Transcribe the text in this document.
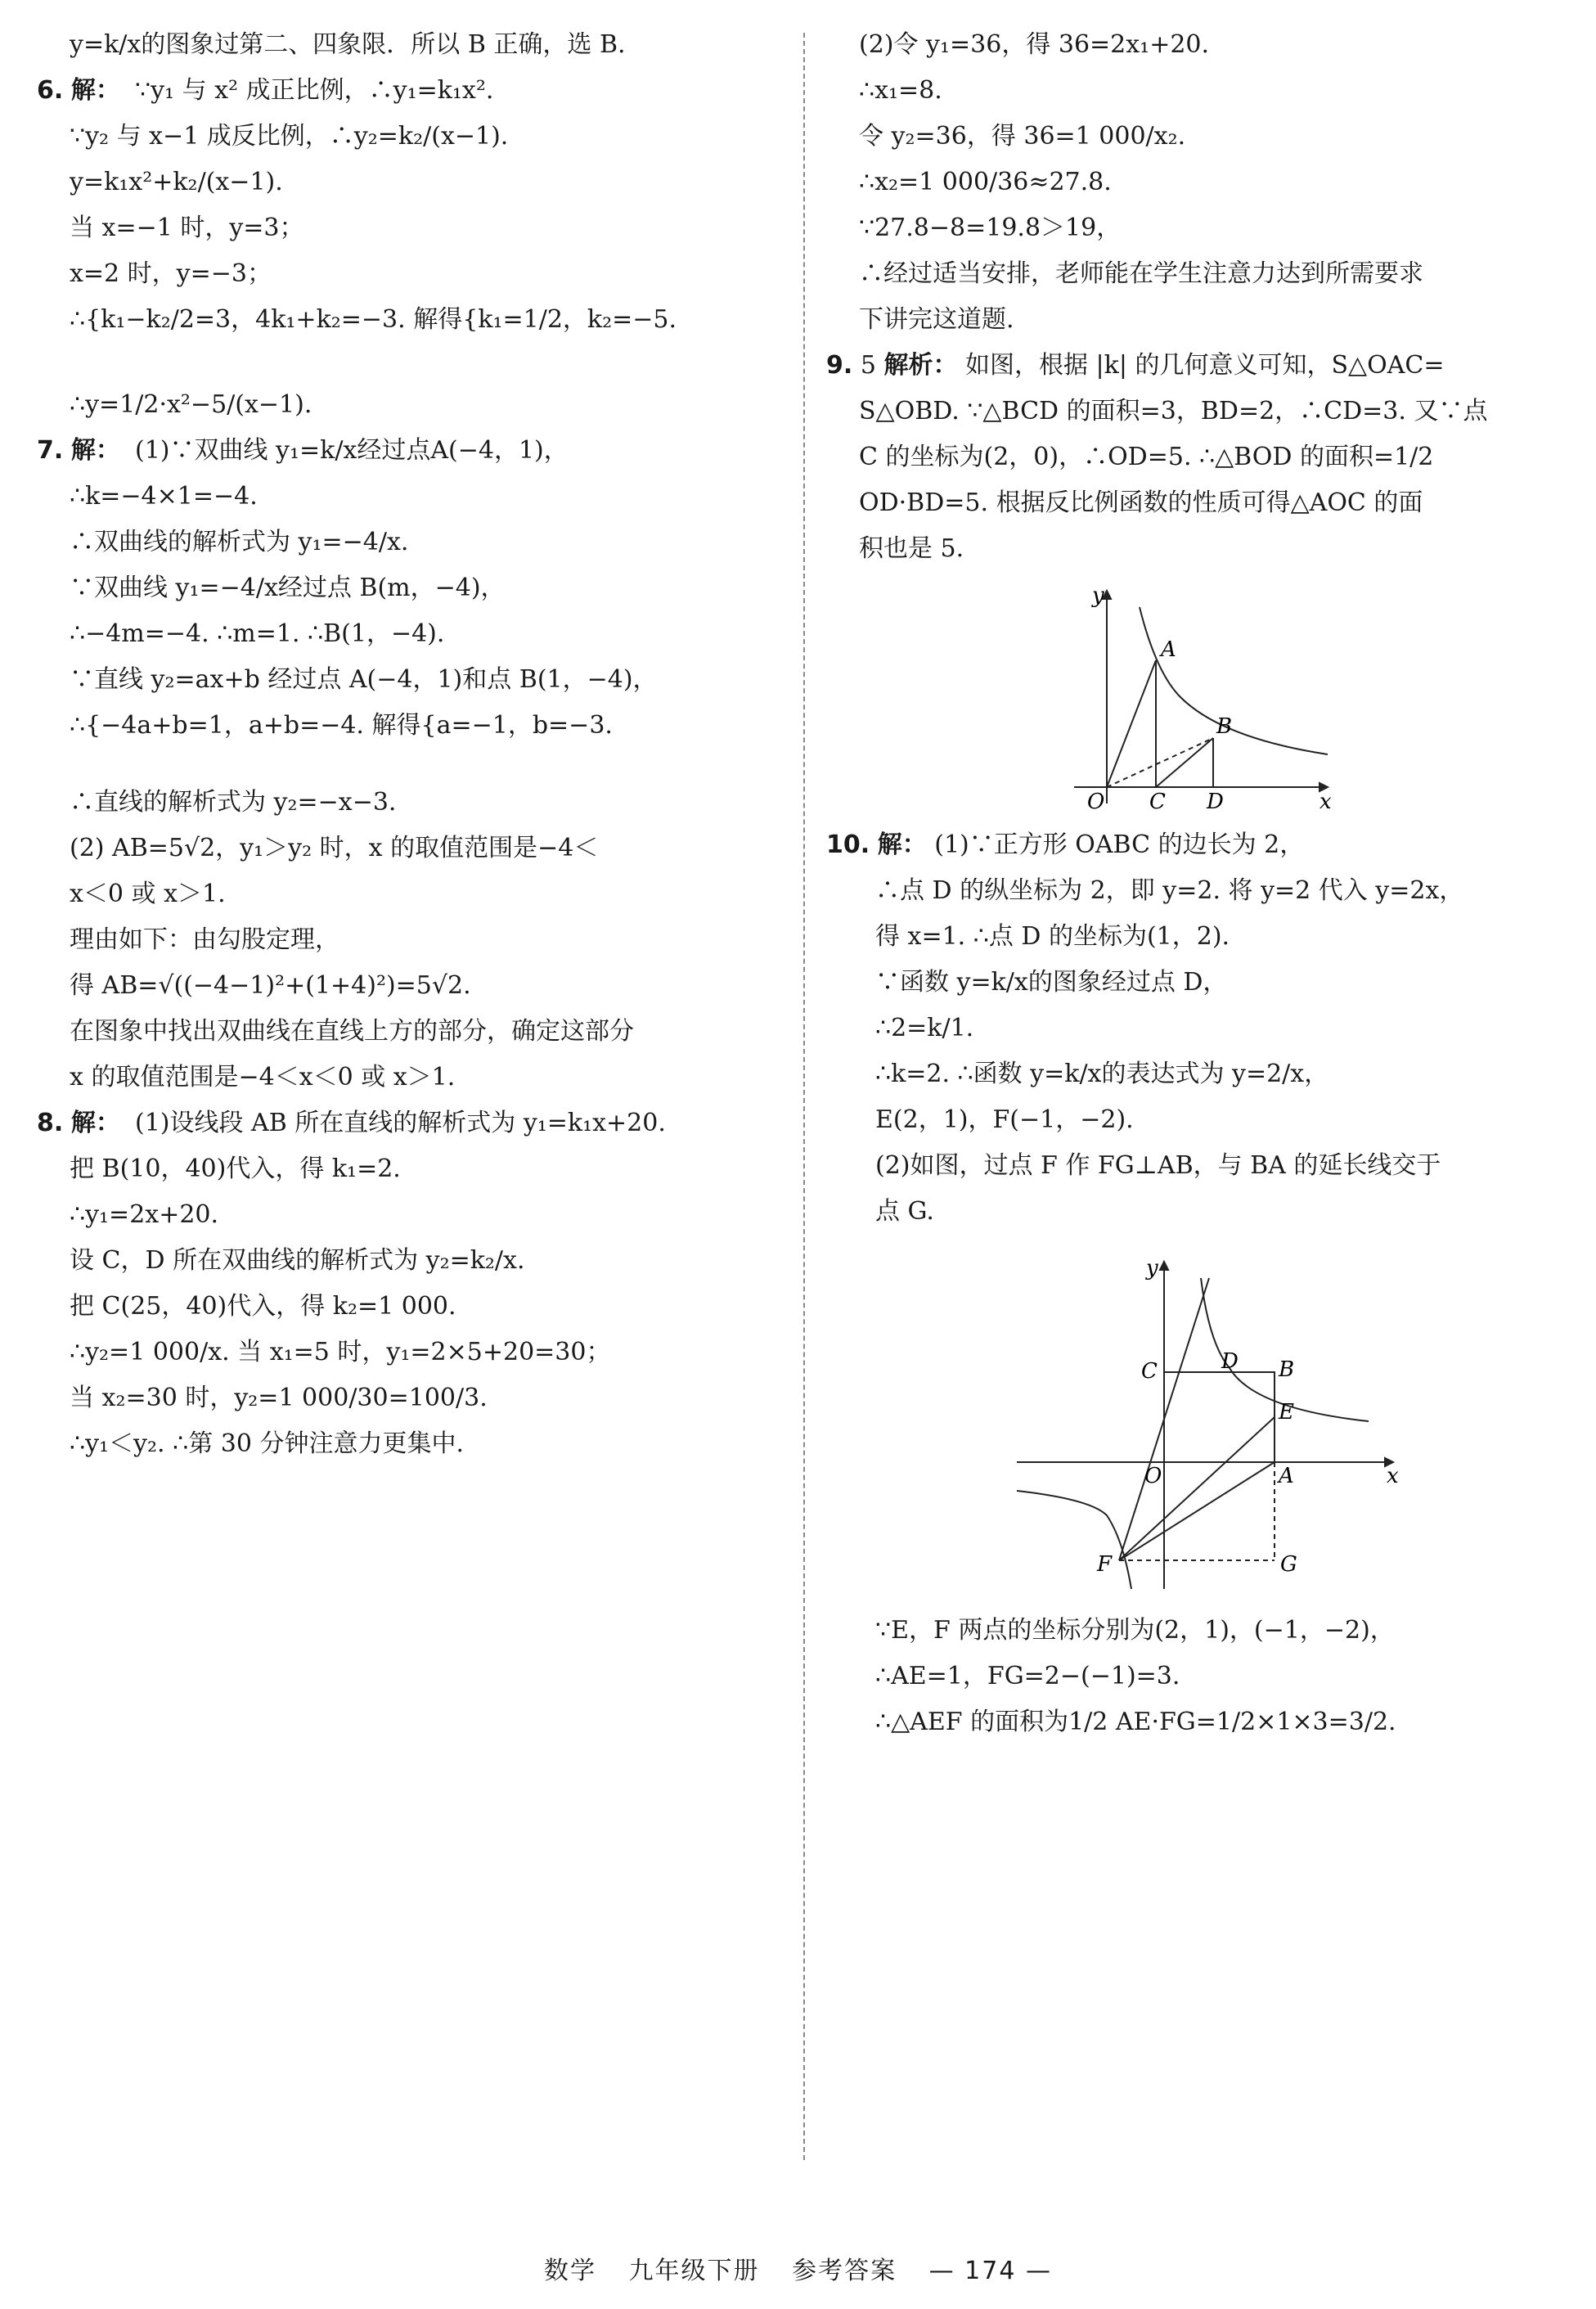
y=k/x的图象过第二、四象限．所以 B 正确，选 B.
6. 解： ∵y₁ 与 x² 成正比例，∴y₁=k₁x².
∵y₂ 与 x−1 成反比例，∴y₂=k₂/(x−1).
y=k₁x²+k₂/(x−1).
当 x=−1 时，y=3；
x=2 时，y=−3；
∴{k₁−k₂/2=3，4k₁+k₂=−3. 解得{k₁=1/2，k₂=−5.
∴y=1/2·x²−5/(x−1).
7. 解： (1)∵双曲线 y₁=k/x经过点A(−4，1)，
∴k=−4×1=−4.
∴双曲线的解析式为 y₁=−4/x.
∵双曲线 y₁=−4/x经过点 B(m，−4)，
∴−4m=−4. ∴m=1. ∴B(1，−4).
∵直线 y₂=ax+b 经过点 A(−4，1)和点 B(1，−4)，
∴{−4a+b=1，a+b=−4. 解得{a=−1，b=−3.
∴直线的解析式为 y₂=−x−3.
(2) AB=5√2，y₁＞y₂ 时，x 的取值范围是−4＜
x＜0 或 x＞1.
理由如下：由勾股定理，
得 AB=√((−4−1)²+(1+4)²)=5√2.
在图象中找出双曲线在直线上方的部分，确定这部分
x 的取值范围是−4＜x＜0 或 x＞1.
8. 解： (1)设线段 AB 所在直线的解析式为 y₁=k₁x+20.
把 B(10，40)代入，得 k₁=2.
∴y₁=2x+20.
设 C，D 所在双曲线的解析式为 y₂=k₂/x.
把 C(25，40)代入，得 k₂=1 000.
∴y₂=1 000/x. 当 x₁=5 时，y₁=2×5+20=30；
当 x₂=30 时，y₂=1 000/30=100/3.
∴y₁＜y₂. ∴第 30 分钟注意力更集中.
(2)令 y₁=36，得 36=2x₁+20.
∴x₁=8.
令 y₂=36，得 36=1 000/x₂.
∴x₂=1 000/36≈27.8.
∵27.8−8=19.8＞19，
∴经过适当安排，老师能在学生注意力达到所需要求
下讲完这道题.
9. 5 解析： 如图，根据 |k| 的几何意义可知，S△OAC=
S△OBD. ∵△BCD 的面积=3，BD=2，∴CD=3. 又∵点
C 的坐标为(2，0)，∴OD=5. ∴△BOD 的面积=1/2
OD·BD=5. 根据反比例函数的性质可得△AOC 的面
积也是 5.
y
x
O
A
B
C D
10. 解： (1)∵正方形 OABC 的边长为 2，
∴点 D 的纵坐标为 2，即 y=2. 将 y=2 代入 y=2x，
得 x=1. ∴点 D 的坐标为(1，2).
∵函数 y=k/x的图象经过点 D，
∴2=k/1.
∴k=2. ∴函数 y=k/x的表达式为 y=2/x，
E(2，1)，F(−1，−2).
(2)如图，过点 F 作 FG⊥AB，与 BA 的延长线交于
点 G.
y
x
O	A
B
C	D
E
F	G
∵E，F 两点的坐标分别为(2，1)，(−1，−2)，
∴AE=1，FG=2−(−1)=3.
∴△AEF 的面积为1/2 AE·FG=1/2×1×3=3/2.
数学 九年级下册 参考答案 — 174 —
